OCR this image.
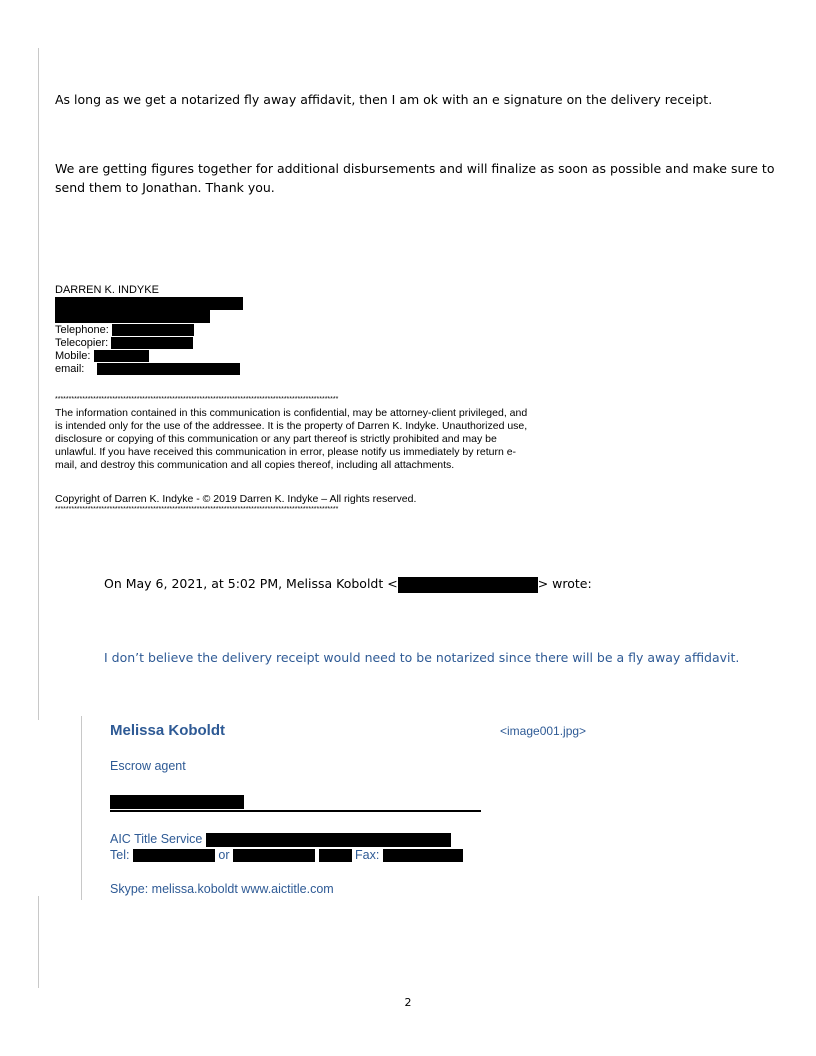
As long as we get a notarized fly away affidavit, then I am ok with an e signature on the delivery receipt.
We are getting figures together for additional disbursements and will finalize as soon as possible and make sure to send them to Jonathan. Thank you.
DARREN K. INDYKE
Telephone:
Telecopier:
Mobile:
email:
********************************************************************************************************
The information contained in this communication is confidential, may be attorney-client privileged, and is intended only for the use of the addressee. It is the property of Darren K. Indyke. Unauthorized use, disclosure or copying of this communication or any part thereof is strictly prohibited and may be unlawful. If you have received this communication in error, please notify us immediately by return e-mail, and destroy this communication and all copies thereof, including all attachments.
Copyright of Darren K. Indyke - © 2019 Darren K. Indyke – All rights reserved.
********************************************************************************************************
On May 6, 2021, at 5:02 PM, Melissa Koboldt <	> wrote:
I don’t believe the delivery receipt would need to be notarized since there will be a fly away affidavit.
Melissa Koboldt	<image001.jpg>
Escrow agent
AIC Title Service
Tel:	or	Fax:
Skype: melissa.koboldt www.aictitle.com
2
